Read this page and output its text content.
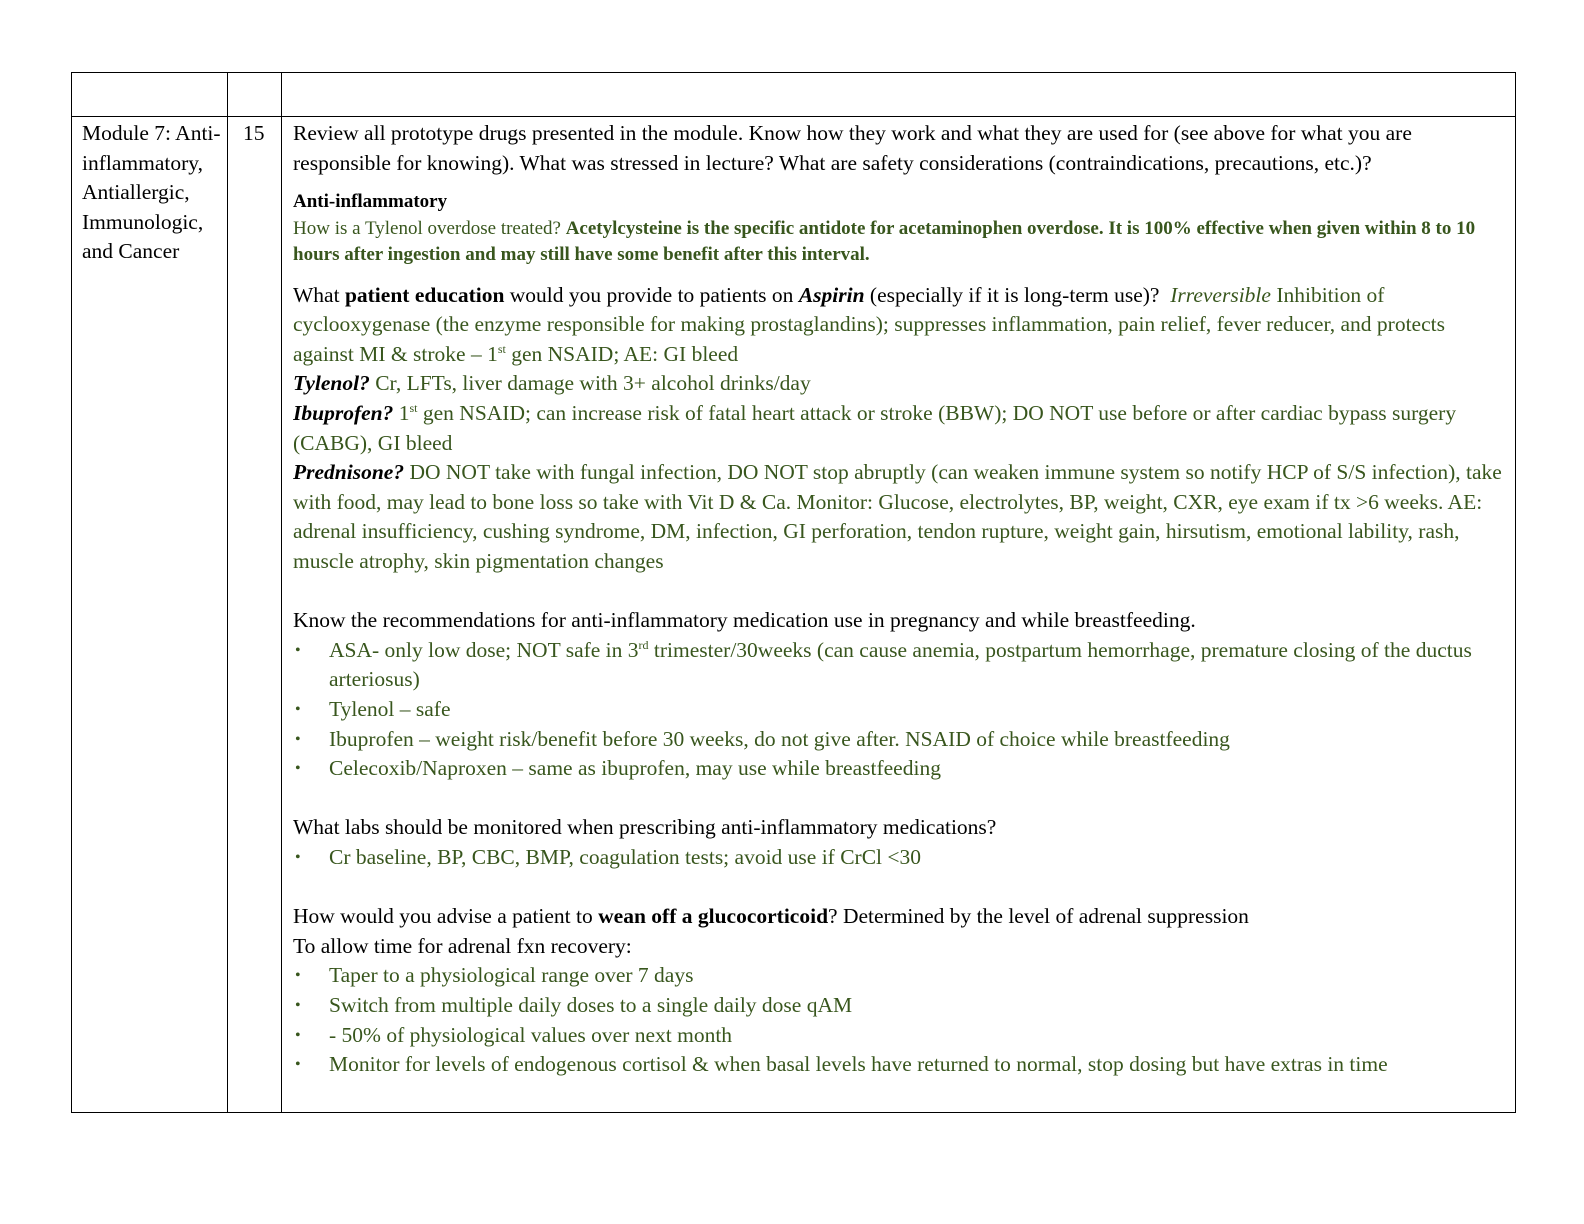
Module 7: Anti-inflammatory, Antiallergic, Immunologic, and Cancer
15 Review all prototype drugs presented in the module. Know how they work and what they are used for (see above for what you are responsible for knowing). What was stressed in lecture? What are safety considerations (contraindications, precautions, etc.)?

Anti-inflammatory

How is a Tylenol overdose treated? Acetylcysteine is the specific antidote for acetaminophen overdose. It is 100% effective when given within 8 to 10 hours after ingestion and may still have some benefit after this interval.

What patient education would you provide to patients on Aspirin (especially if it is long-term use)? Irreversible Inhibition of cyclooxygenase (the enzyme responsible for making prostaglandins); suppresses inflammation, pain relief, fever reducer, and protects against MI & stroke – 1st gen NSAID; AE: GI bleed

Tylenol? Cr, LFTs, liver damage with 3+ alcohol drinks/day

Ibuprofen? 1st gen NSAID; can increase risk of fatal heart attack or stroke (BBW); DO NOT use before or after cardiac bypass surgery (CABG), GI bleed

Prednisone? DO NOT take with fungal infection, DO NOT stop abruptly (can weaken immune system so notify HCP of S/S infection), take with food, may lead to bone loss so take with Vit D & Ca. Monitor: Glucose, electrolytes, BP, weight, CXR, eye exam if tx >6 weeks. AE: adrenal insufficiency, cushing syndrome, DM, infection, GI perforation, tendon rupture, weight gain, hirsutism, emotional lability, rash, muscle atrophy, skin pigmentation changes

Know the recommendations for anti-inflammatory medication use in pregnancy and while breastfeeding.

• ASA- only low dose; NOT safe in 3rd trimester/30weeks (can cause anemia, postpartum hemorrhage, premature closing of the ductus arteriosus)
• Tylenol – safe
• Ibuprofen – weight risk/benefit before 30 weeks, do not give after. NSAID of choice while breastfeeding
• Celecoxib/Naproxen – same as ibuprofen, may use while breastfeeding

What labs should be monitored when prescribing anti-inflammatory medications?

• Cr baseline, BP, CBC, BMP, coagulation tests; avoid use if CrCl <30

How would you advise a patient to wean off a glucocorticoid? Determined by the level of adrenal suppression

To allow time for adrenal fxn recovery:

• Taper to a physiological range over 7 days
• Switch from multiple daily doses to a single daily dose qAM
• - 50% of physiological values over next month
• Monitor for levels of endogenous cortisol & when basal levels have returned to normal, stop dosing but have extras in time
